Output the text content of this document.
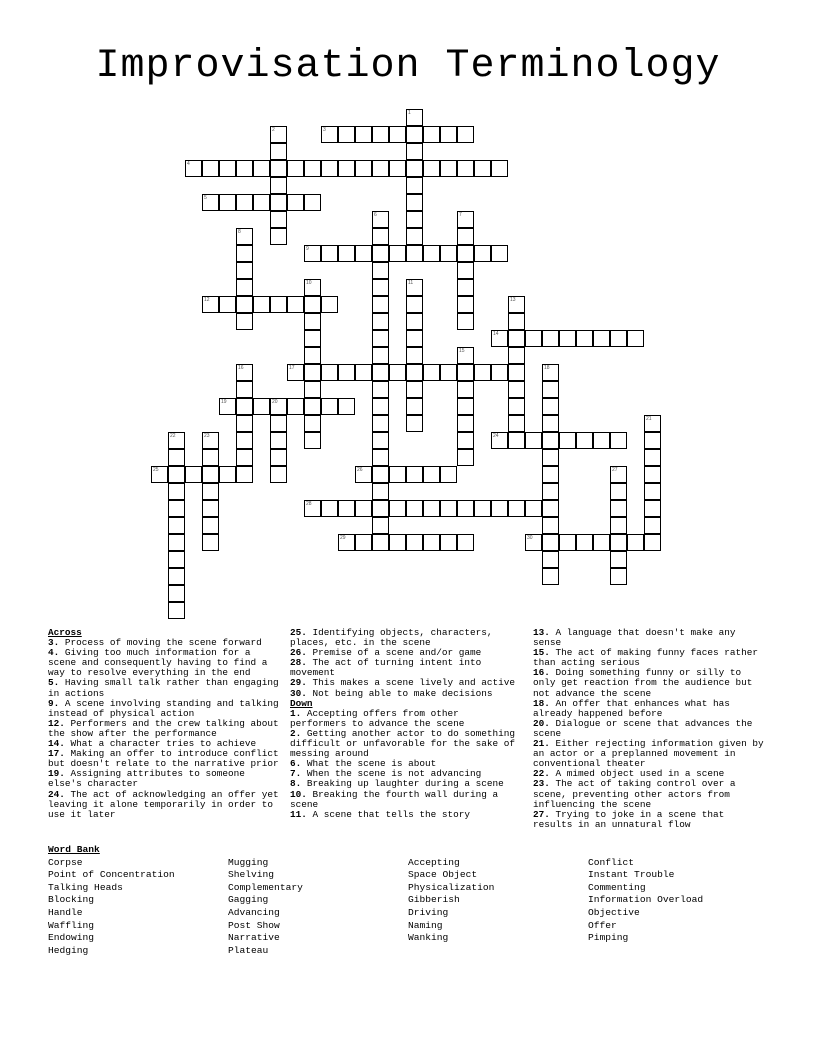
Improvisation Terminology
1
2	3
4
5
6	7
8
9
10	11
12	13
14
15
16	17	18
19	20
21
22	23	24
25	26	27
28
29	30
Across
3. Process of moving the scene forward
4. Giving too much information for a scene and consequently having to find a way to resolve everything in the end
5. Having small talk rather than engaging in actions
9. A scene involving standing and talking instead of physical action
12. Performers and the crew talking about the show after the performance
14. What a character tries to achieve
17. Making an offer to introduce conflict but doesn't relate to the narrative prior
19. Assigning attributes to someone else's character
24. The act of acknowledging an offer yet leaving it alone temporarily in order to use it later
25. Identifying objects, characters, places, etc. in the scene
26. Premise of a scene and/or game
28. The act of turning intent into movement
29. This makes a scene lively and active
30. Not being able to make decisions
Down
1. Accepting offers from other performers to advance the scene
2. Getting another actor to do something difficult or unfavorable for the sake of messing around
6. What the scene is about
7. When the scene is not advancing
8. Breaking up laughter during a scene
10. Breaking the fourth wall during a scene
11. A scene that tells the story
13. A language that doesn't make any sense
15. The act of making funny faces rather than acting serious
16. Doing something funny or silly to only get reaction from the audience but not advance the scene
18. An offer that enhances what has already happened before
20. Dialogue or scene that advances the scene
21. Either rejecting information given by an actor or a preplanned movement in conventional theater
22. A mimed object used in a scene
23. The act of taking control over a scene, preventing other actors from influencing the scene
27. Trying to joke in a scene that results in an unnatural flow
Word Bank
Corpse
Point of Concentration
Talking Heads
Blocking
Handle
Waffling
Endowing
Hedging
Mugging
Shelving
Complementary
Gagging
Advancing
Post Show
Narrative
Plateau
Accepting
Space Object
Physicalization
Gibberish
Driving
Naming
Wanking
Conflict
Instant Trouble
Commenting
Information Overload
Objective
Offer
Pimping
